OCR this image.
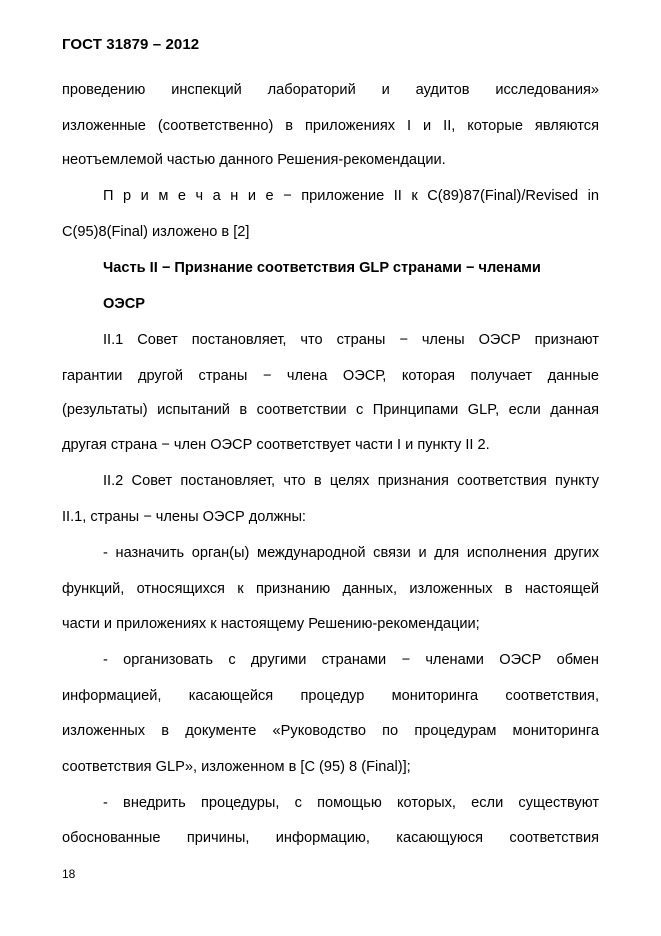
ГОСТ 31879 – 2012
проведению инспекций лабораторий и аудитов исследования»
изложенные (соответственно) в приложениях I и II, которые являются
неотъемлемой частью данного Решения-рекомендации.
П р и м е ч а н и е − приложение II к C(89)87(Final)/Revised in
C(95)8(Final) изложено в [2]
Часть II − Признание соответствия GLP странами − членами
ОЭСР
II.1 Совет постановляет, что страны − члены ОЭСР признают
гарантии другой страны − члена ОЭСР, которая получает данные
(результаты) испытаний в соответствии с Принципами GLP, если данная
другая страна − член ОЭСР соответствует части I и пункту II 2.
II.2 Совет постановляет, что в целях признания соответствия пункту
II.1, страны − члены ОЭСР должны:
- назначить орган(ы) международной связи и для исполнения других
функций, относящихся к признанию данных, изложенных в настоящей
части и приложениях к настоящему Решению-рекомендации;
- организовать с другими странами − членами ОЭСР обмен
информацией, касающейся процедур мониторинга соответствия,
изложенных в документе «Руководство по процедурам мониторинга
соответствия GLP», изложенном в [C (95) 8 (Final)];
- внедрить процедуры, с помощью которых, если существуют
обоснованные причины, информацию, касающуюся соответствия
18
